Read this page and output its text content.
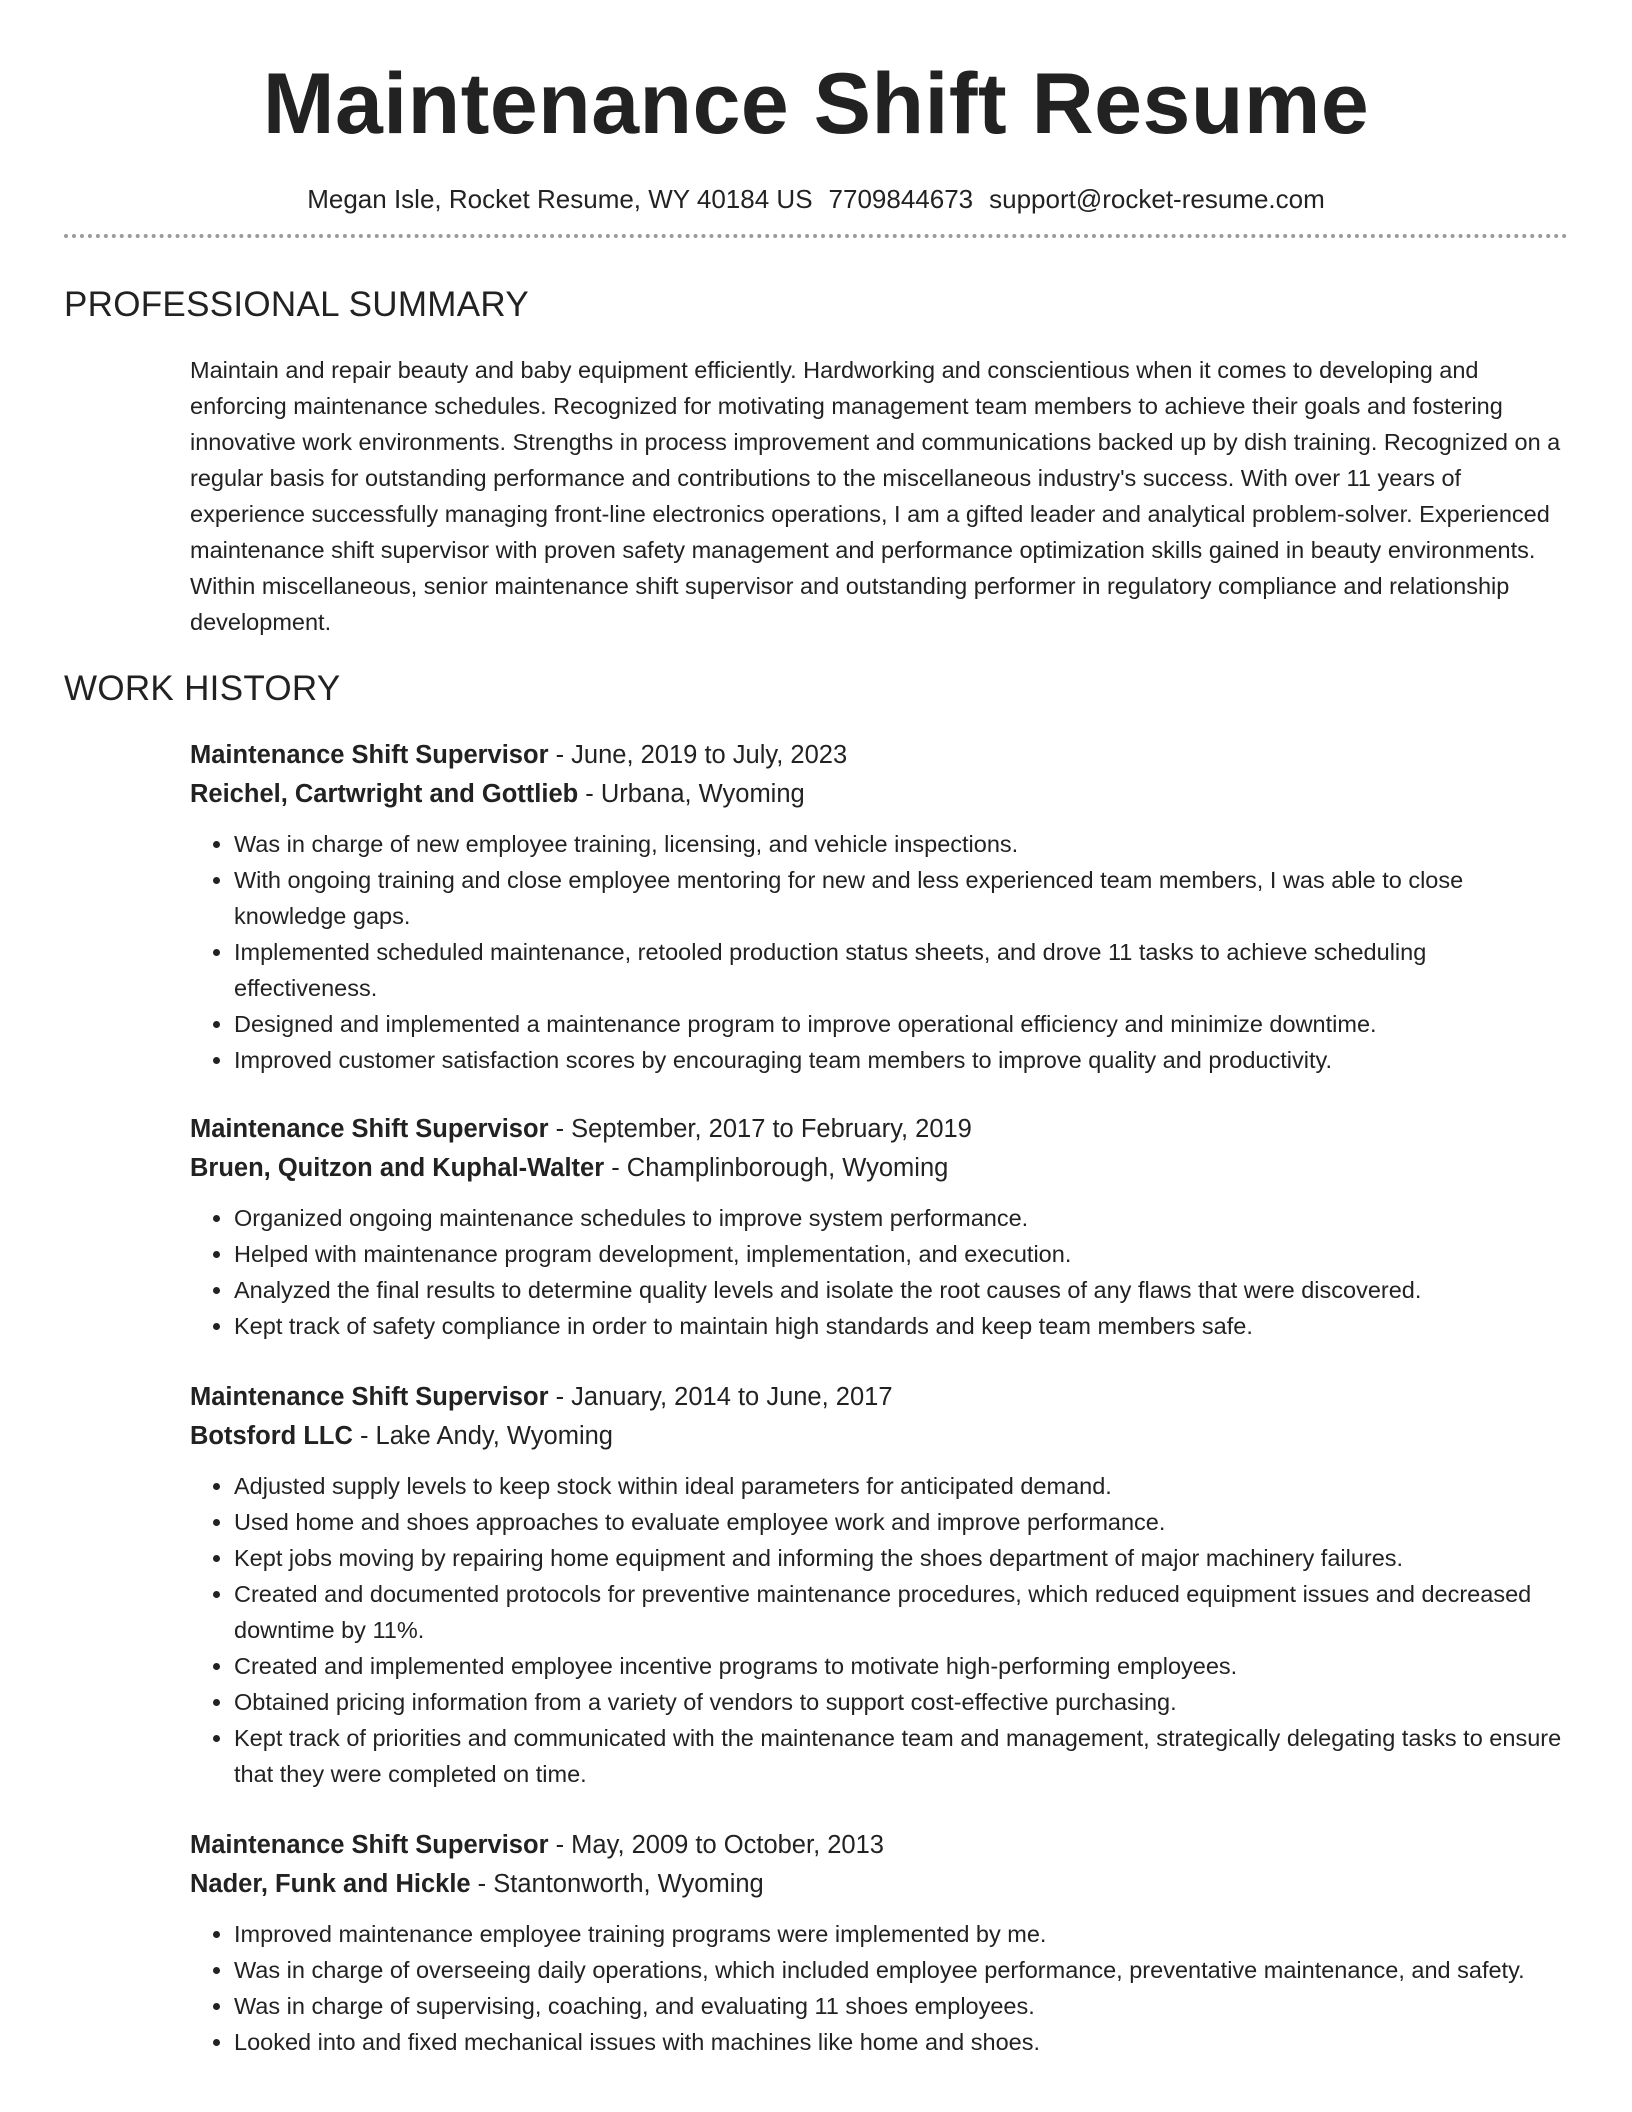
Maintenance Shift Resume
Megan Isle, Rocket Resume, WY 40184 US 7709844673 support@rocket-resume.com
PROFESSIONAL SUMMARY
Maintain and repair beauty and baby equipment efficiently. Hardworking and conscientious when it comes to developing and enforcing maintenance schedules. Recognized for motivating management team members to achieve their goals and fostering innovative work environments. Strengths in process improvement and communications backed up by dish training. Recognized on a regular basis for outstanding performance and contributions to the miscellaneous industry's success. With over 11 years of experience successfully managing front-line electronics operations, I am a gifted leader and analytical problem-solver. Experienced maintenance shift supervisor with proven safety management and performance optimization skills gained in beauty environments. Within miscellaneous, senior maintenance shift supervisor and outstanding performer in regulatory compliance and relationship development.
WORK HISTORY
Maintenance Shift Supervisor - June, 2019 to July, 2023
Reichel, Cartwright and Gottlieb - Urbana, Wyoming
• Was in charge of new employee training, licensing, and vehicle inspections.
• With ongoing training and close employee mentoring for new and less experienced team members, I was able to close knowledge gaps.
• Implemented scheduled maintenance, retooled production status sheets, and drove 11 tasks to achieve scheduling effectiveness.
• Designed and implemented a maintenance program to improve operational efficiency and minimize downtime.
• Improved customer satisfaction scores by encouraging team members to improve quality and productivity.
Maintenance Shift Supervisor - September, 2017 to February, 2019
Bruen, Quitzon and Kuphal-Walter - Champlinborough, Wyoming
• Organized ongoing maintenance schedules to improve system performance.
• Helped with maintenance program development, implementation, and execution.
• Analyzed the final results to determine quality levels and isolate the root causes of any flaws that were discovered.
• Kept track of safety compliance in order to maintain high standards and keep team members safe.
Maintenance Shift Supervisor - January, 2014 to June, 2017
Botsford LLC - Lake Andy, Wyoming
• Adjusted supply levels to keep stock within ideal parameters for anticipated demand.
• Used home and shoes approaches to evaluate employee work and improve performance.
• Kept jobs moving by repairing home equipment and informing the shoes department of major machinery failures.
• Created and documented protocols for preventive maintenance procedures, which reduced equipment issues and decreased downtime by 11%.
• Created and implemented employee incentive programs to motivate high-performing employees.
• Obtained pricing information from a variety of vendors to support cost-effective purchasing.
• Kept track of priorities and communicated with the maintenance team and management, strategically delegating tasks to ensure that they were completed on time.
Maintenance Shift Supervisor - May, 2009 to October, 2013
Nader, Funk and Hickle - Stantonworth, Wyoming
• Improved maintenance employee training programs were implemented by me.
• Was in charge of overseeing daily operations, which included employee performance, preventative maintenance, and safety.
• Was in charge of supervising, coaching, and evaluating 11 shoes employees.
• Looked into and fixed mechanical issues with machines like home and shoes.
